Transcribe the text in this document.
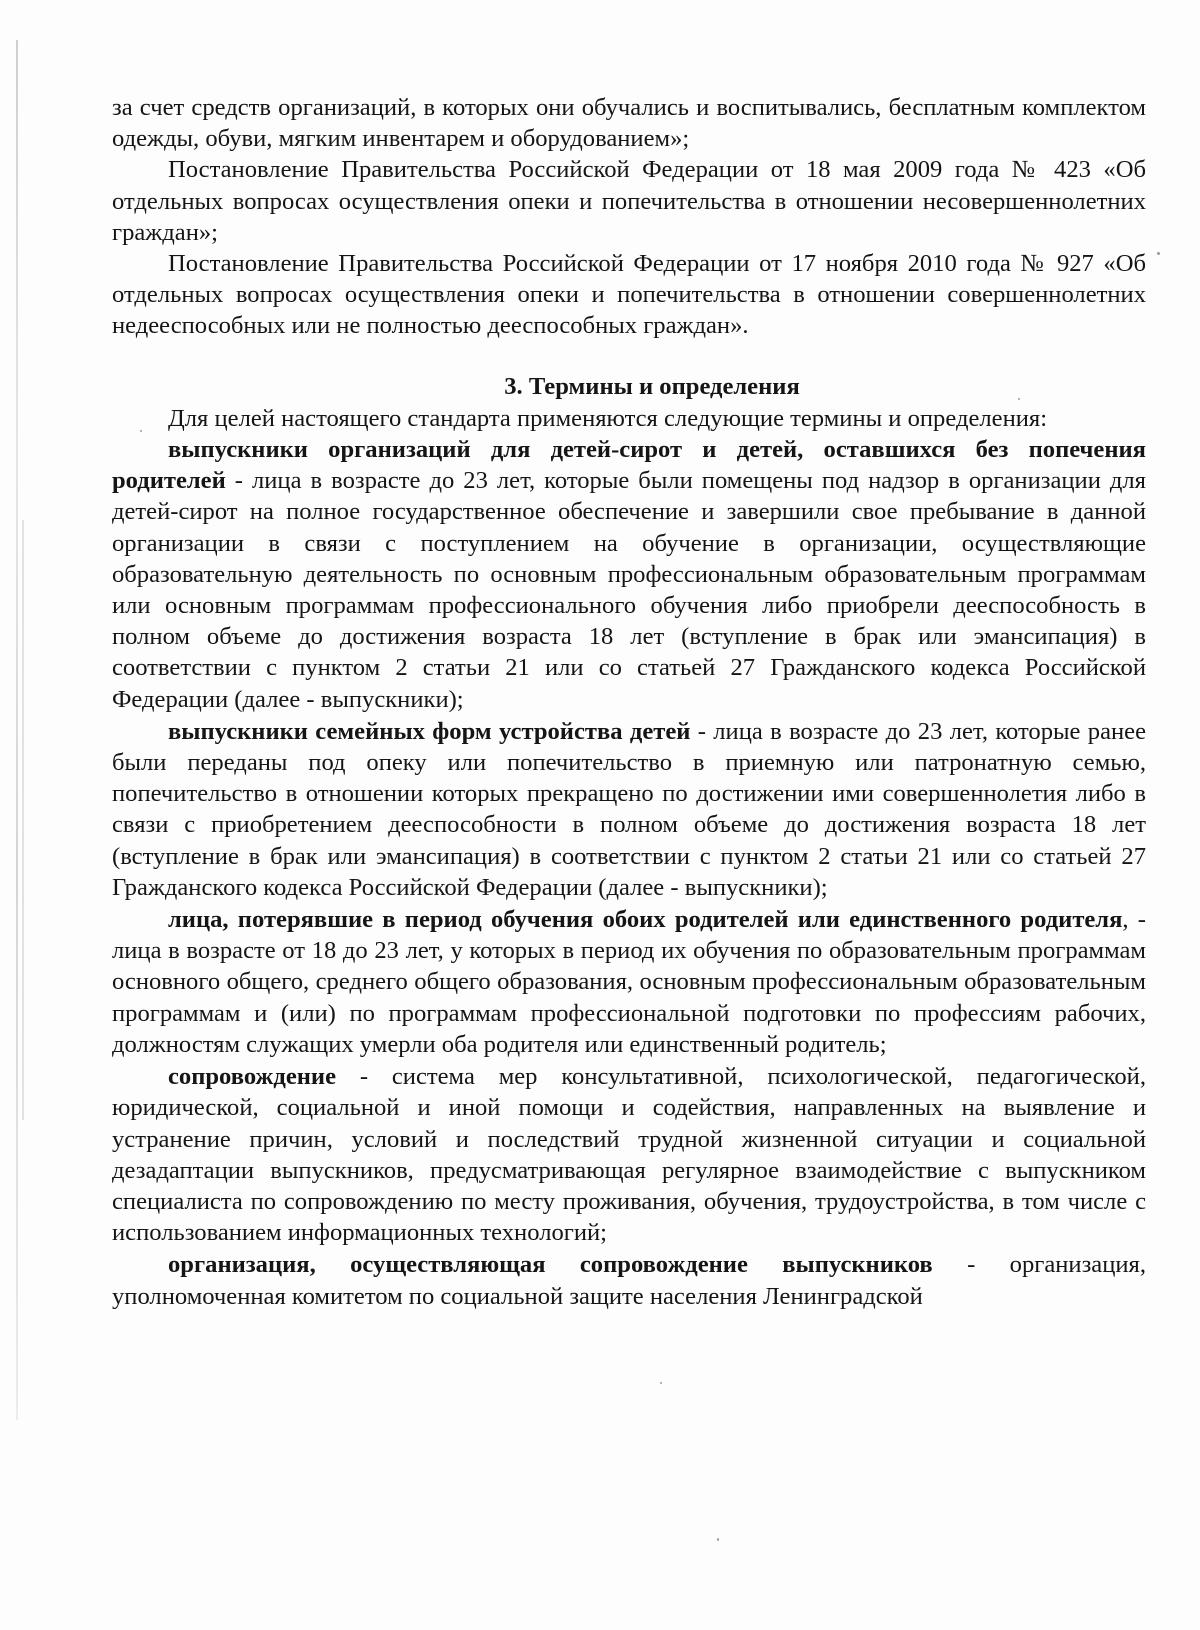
за счет средств организаций, в которых они обучались и воспитывались, бесплатным комплектом одежды, обуви, мягким инвентарем и оборудованием»;

Постановление Правительства Российской Федерации от 18 мая 2009 года № 423 «Об отдельных вопросах осуществления опеки и попечительства в отношении несовершеннолетних граждан»;

Постановление Правительства Российской Федерации от 17 ноября 2010 года № 927 «Об отдельных вопросах осуществления опеки и попечительства в отношении совершеннолетних недееспособных или не полностью дееспособных граждан».

3. Термины и определения

Для целей настоящего стандарта применяются следующие термины и определения:

выпускники организаций для детей-сирот и детей, оставшихся без попечения родителей - лица в возрасте до 23 лет, которые были помещены под надзор в организации для детей-сирот на полное государственное обеспечение и завершили свое пребывание в данной организации в связи с поступлением на обучение в организации, осуществляющие образовательную деятельность по основным профессиональным образовательным программам или основным программам профессионального обучения либо приобрели дееспособность в полном объеме до достижения возраста 18 лет (вступление в брак или эмансипация) в соответствии с пунктом 2 статьи 21 или со статьей 27 Гражданского кодекса Российской Федерации (далее - выпускники);

выпускники семейных форм устройства детей - лица в возрасте до 23 лет, которые ранее были переданы под опеку или попечительство в приемную или патронатную семью, попечительство в отношении которых прекращено по достижении ими совершеннолетия либо в связи с приобретением дееспособности в полном объеме до достижения возраста 18 лет (вступление в брак или эмансипация) в соответствии с пунктом 2 статьи 21 или со статьей 27 Гражданского кодекса Российской Федерации (далее - выпускники);

лица, потерявшие в период обучения обоих родителей или единственного родителя, - лица в возрасте от 18 до 23 лет, у которых в период их обучения по образовательным программам основного общего, среднего общего образования, основным профессиональным образовательным программам и (или) по программам профессиональной подготовки по профессиям рабочих, должностям служащих умерли оба родителя или единственный родитель;

сопровождение - система мер консультативной, психологической, педагогической, юридической, социальной и иной помощи и содействия, направленных на выявление и устранение причин, условий и последствий трудной жизненной ситуации и социальной дезадаптации выпускников, предусматривающая регулярное взаимодействие с выпускником специалиста по сопровождению по месту проживания, обучения, трудоустройства, в том числе с использованием информационных технологий;

организация, осуществляющая сопровождение выпускников - организация, уполномоченная комитетом по социальной защите населения Ленинградской
